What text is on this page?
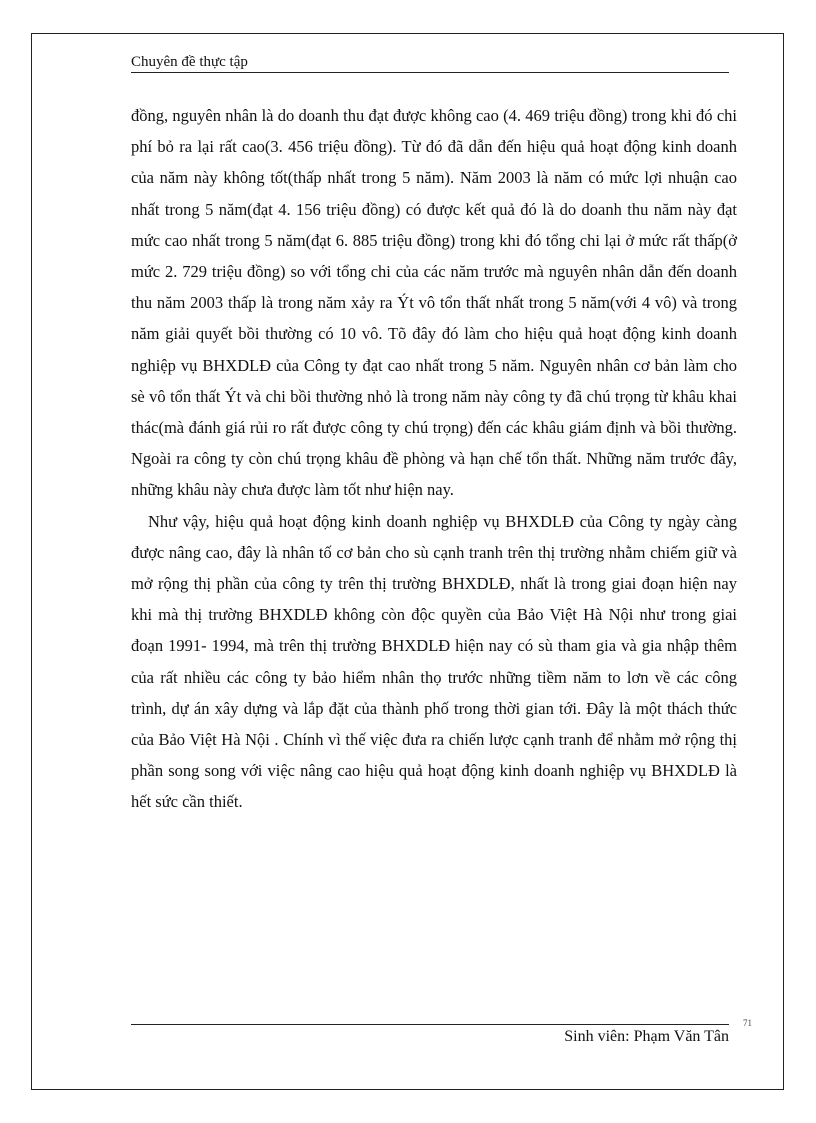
Chuyên đề thực tập

đồng, nguyên nhân là do doanh thu đạt được không cao (4. 469 triệu đồng) trong khi đó chi phí bỏ ra lại rất cao(3. 456 triệu đồng). Từ đó đã dẫn đến hiệu quả hoạt động kinh doanh của năm này không tốt(thấp nhất trong 5 năm). Năm 2003 là năm có mức lợi nhuận cao nhất trong 5 năm(đạt 4. 156 triệu đồng) có được kết quả đó là do doanh thu năm này đạt mức cao nhất trong 5 năm(đạt 6. 885 triệu đồng) trong khi đó tổng chi lại ở mức rất thấp(ở mức 2. 729 triệu đồng) so với tổng chi của các năm trước mà nguyên nhân dẫn đến doanh thu năm 2003 thấp là trong năm xảy ra Ýt vô tổn thất nhất trong 5 năm(với 4 vô) và trong năm giải quyết bồi thường có 10 vô. Tõ đây đó làm cho hiệu quả hoạt động kinh doanh nghiệp vụ BHXDLĐ của Công ty đạt cao nhất trong 5 năm. Nguyên nhân cơ bản làm cho sè vô tổn thất Ýt và chi bồi thường nhỏ là trong năm này công ty đã chú trọng từ khâu khai thác(mà đánh giá rủi ro rất được công ty chú trọng) đến các khâu giám định và bồi thường. Ngoài ra công ty còn chú trọng khâu đề phòng và hạn chế tổn thất. Những năm trước đây, những khâu này chưa được làm tốt như hiện nay.

Như vậy, hiệu quả hoạt động kinh doanh nghiệp vụ BHXDLĐ của Công ty ngày càng được nâng cao, đây là nhân tố cơ bản cho sù cạnh tranh trên thị trường nhằm chiếm giữ và mở rộng thị phần của công ty trên thị trường BHXDLĐ, nhất là trong giai đoạn hiện nay khi mà thị trường BHXDLĐ không còn độc quyền của Bảo Việt Hà Nội như trong giai đoạn 1991- 1994, mà trên thị trường BHXDLĐ hiện nay có sù tham gia và gia nhập thêm của rất nhiều các công ty bảo hiểm nhân thọ trước những tiềm năm to lơn về các công trình, dự án xây dựng và lắp đặt của thành phố trong thời gian tới. Đây là một thách thức của Bảo Việt Hà Nội . Chính vì thế việc đưa ra chiến lược cạnh tranh để nhằm mở rộng thị phần song song với việc nâng cao hiệu quả hoạt động kinh doanh nghiệp vụ BHXDLĐ là hết sức cần thiết.

71
Sinh viên: Phạm Văn Tân
